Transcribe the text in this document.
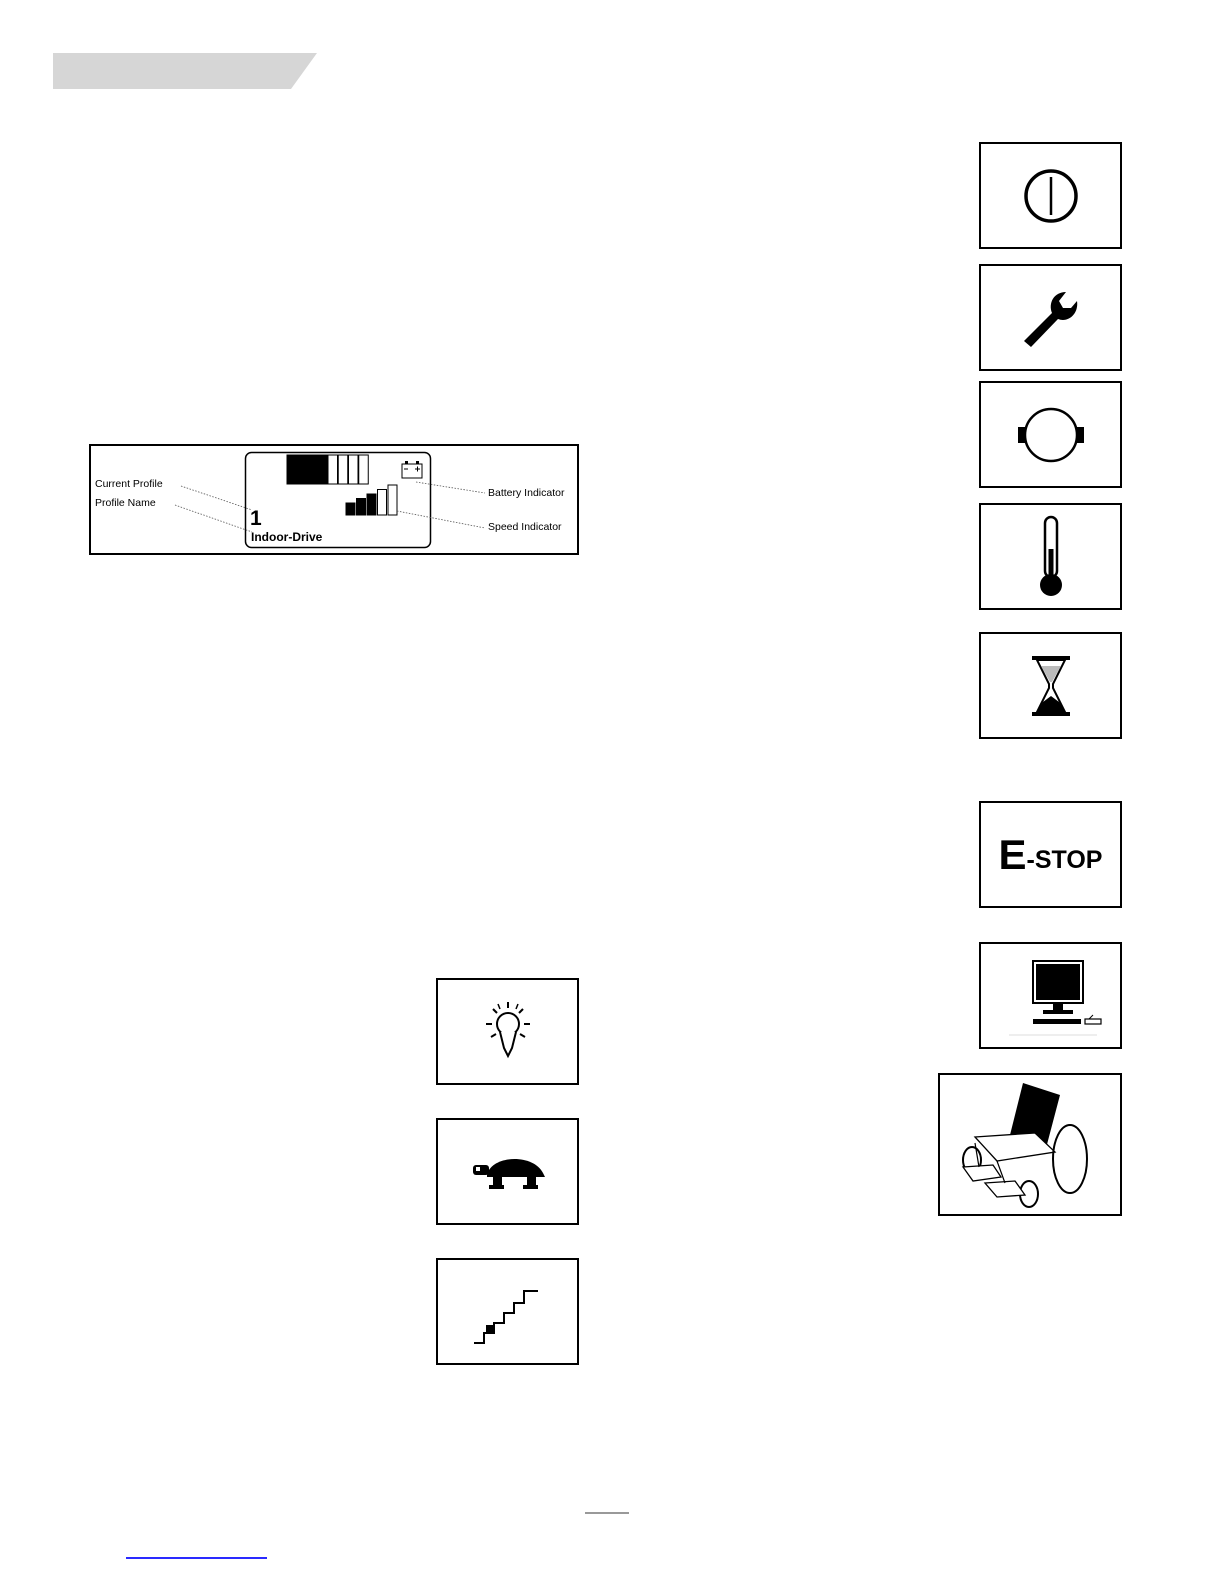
Current Profile
Profile Name
Battery Indicator
Speed Indicator
1
Indoor-Drive
E -STOP
